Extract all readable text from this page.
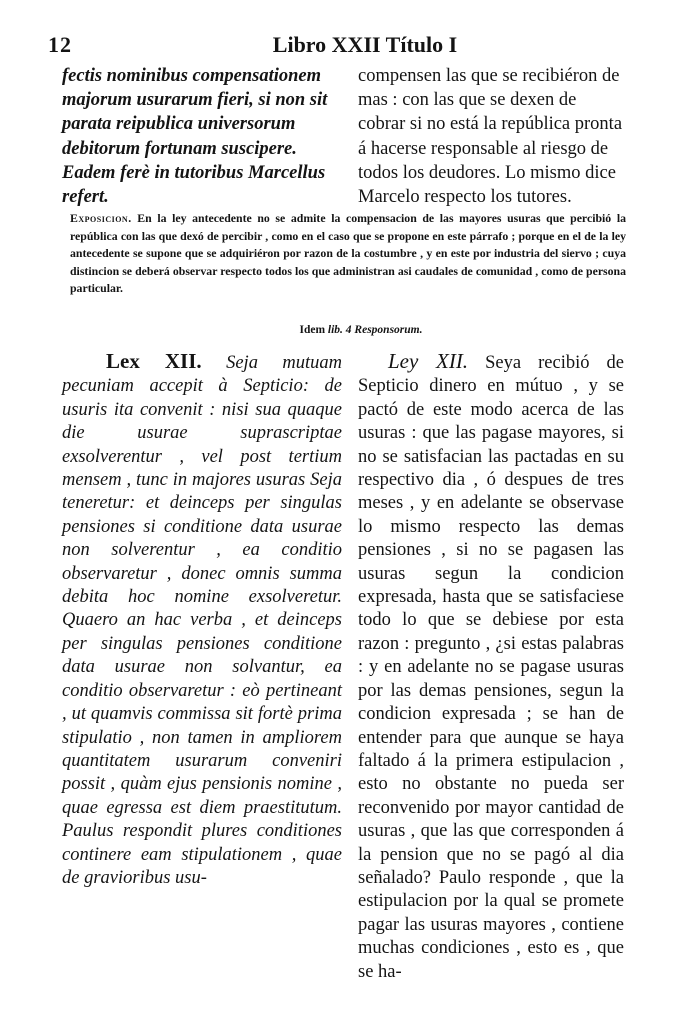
12	Libro XXII Título I

fectis nominibus compensationem majorum usurarum fieri, si non sit parata reipublica universorum debitorum fortunam suscipere. Eadem ferè in tutoribus Marcellus refert.

compensen las que se recibiéron de mas : con las que se dexen de cobrar si no está la república pronta á hacerse responsable al riesgo de todos los deudores. Lo mismo dice Marcelo respecto los tutores.

Exposicion. En la ley antecedente no se admite la compensacion de las mayores usuras que percibió la república con las que dexó de percibir , como en el caso que se propone en este párrafo ; porque en el de la ley antecedente se supone que se adquiriéron por razon de la costumbre , y en este por industria del siervo ; cuya distincion se deberá observar respecto todos los que administran asi caudales de comunidad , como de persona particular.
Idem lib. 4 Responsorum.

Lex XII. Seja mutuam pecuniam accepit à Septicio: de usuris ita convenit : nisi sua quaque die usurae suprascriptae exsolverentur , vel post tertium mensem , tunc in majores usuras Seja teneretur: et deinceps per singulas pensiones si conditione data usurae non solverentur , ea conditio observaretur , donec omnis summa debita hoc nomine exsolveretur. Quaero an hac verba , et deinceps per singulas pensiones conditione data usurae non solvantur, ea conditio observaretur : eò pertineant , ut quamvis commissa sit fortè prima stipulatio , non tamen in ampliorem quantitatem usurarum conveniri possit , quàm ejus pensionis nomine , quae egressa est diem praestitutum. Paulus respondit plures conditiones continere eam stipulationem , quae de gravioribus usu-

Ley XII. Seya recibió de Septicio dinero en mútuo , y se pactó de este modo acerca de las usuras : que las pagase mayores, si no se satisfacian las pactadas en su respectivo dia , ó despues de tres meses , y en adelante se observase lo mismo respecto las demas pensiones , si no se pagasen las usuras segun la condicion expresada, hasta que se satisfaciese todo lo que se debiese por esta razon : pregunto , ¿si estas palabras : y en adelante no se pagase usuras por las demas pensiones, segun la condicion expresada ; se han de entender para que aunque se haya faltado á la primera estipulacion , esto no obstante no pueda ser reconvenido por mayor cantidad de usuras , que las que corresponden á la pension que no se pagó al dia señalado? Paulo responde , que la estipulacion por la qual se promete pagar las usuras mayores , contiene muchas condiciones , esto es , que se ha-
